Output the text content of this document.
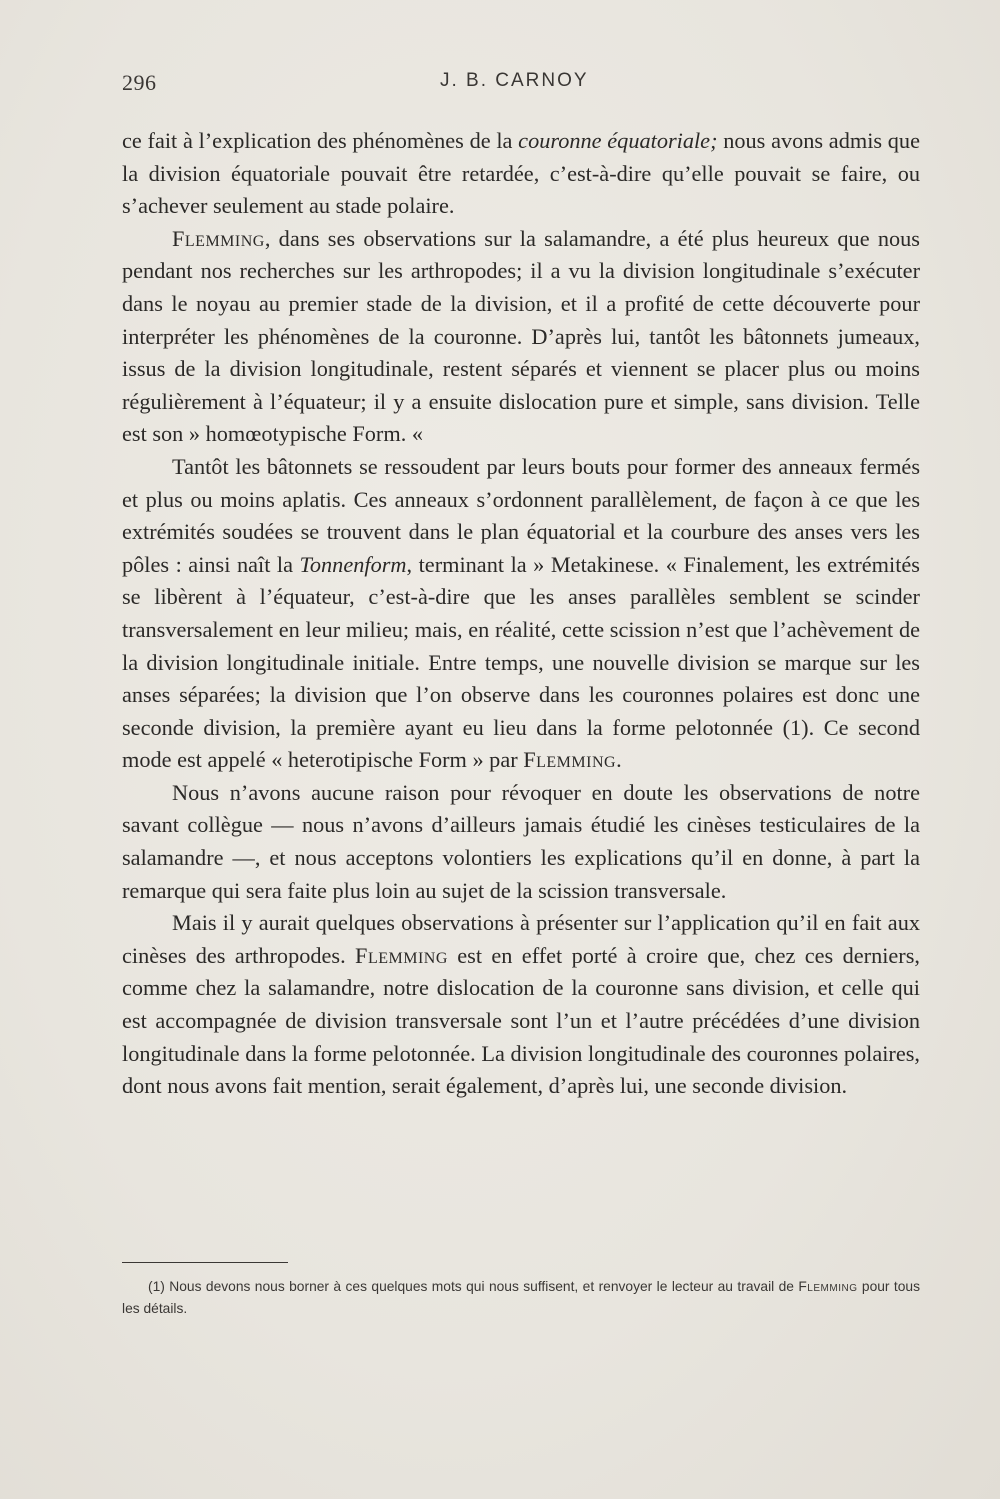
296	J. B. CARNOY

ce fait à l’explication des phénomènes de la couronne équatoriale; nous avons admis que la division équatoriale pouvait être retardée, c’est-à-dire qu’elle pouvait se faire, ou s’achever seulement au stade polaire.

Flemming, dans ses observations sur la salamandre, a été plus heureux que nous pendant nos recherches sur les arthropodes; il a vu la division longitudinale s’exécuter dans le noyau au premier stade de la division, et il a profité de cette découverte pour interpréter les phénomènes de la couronne. D’après lui, tantôt les bâtonnets jumeaux, issus de la division longitudinale, restent séparés et viennent se placer plus ou moins régulièrement à l’équateur; il y a ensuite dislocation pure et simple, sans division. Telle est son » homœotypische Form. «

Tantôt les bâtonnets se ressoudent par leurs bouts pour former des anneaux fermés et plus ou moins aplatis. Ces anneaux s’ordonnent parallèlement, de façon à ce que les extrémités soudées se trouvent dans le plan équatorial et la courbure des anses vers les pôles : ainsi naît la Tonnenform, terminant la » Metakinese. « Finalement, les extrémités se libèrent à l’équateur, c’est-à-dire que les anses parallèles semblent se scinder transversalement en leur milieu; mais, en réalité, cette scission n’est que l’achèvement de la division longitudinale initiale. Entre temps, une nouvelle division se marque sur les anses séparées; la division que l’on observe dans les couronnes polaires est donc une seconde division, la première ayant eu lieu dans la forme pelotonnée (1). Ce second mode est appelé « heterotipische Form » par Flemming.

Nous n’avons aucune raison pour révoquer en doute les observations de notre savant collègue — nous n’avons d’ailleurs jamais étudié les cinèses testiculaires de la salamandre —, et nous acceptons volontiers les explications qu’il en donne, à part la remarque qui sera faite plus loin au sujet de la scission transversale.

Mais il y aurait quelques observations à présenter sur l’application qu’il en fait aux cinèses des arthropodes. Flemming est en effet porté à croire que, chez ces derniers, comme chez la salamandre, notre dislocation de la couronne sans division, et celle qui est accompagnée de division transversale sont l’un et l’autre précédées d’une division longitudinale dans la forme pelotonnée. La division longitudinale des couronnes polaires, dont nous avons fait mention, serait également, d’après lui, une seconde division.

(1) Nous devons nous borner à ces quelques mots qui nous suffisent, et renvoyer le lecteur au travail de Flemming pour tous les détails.
